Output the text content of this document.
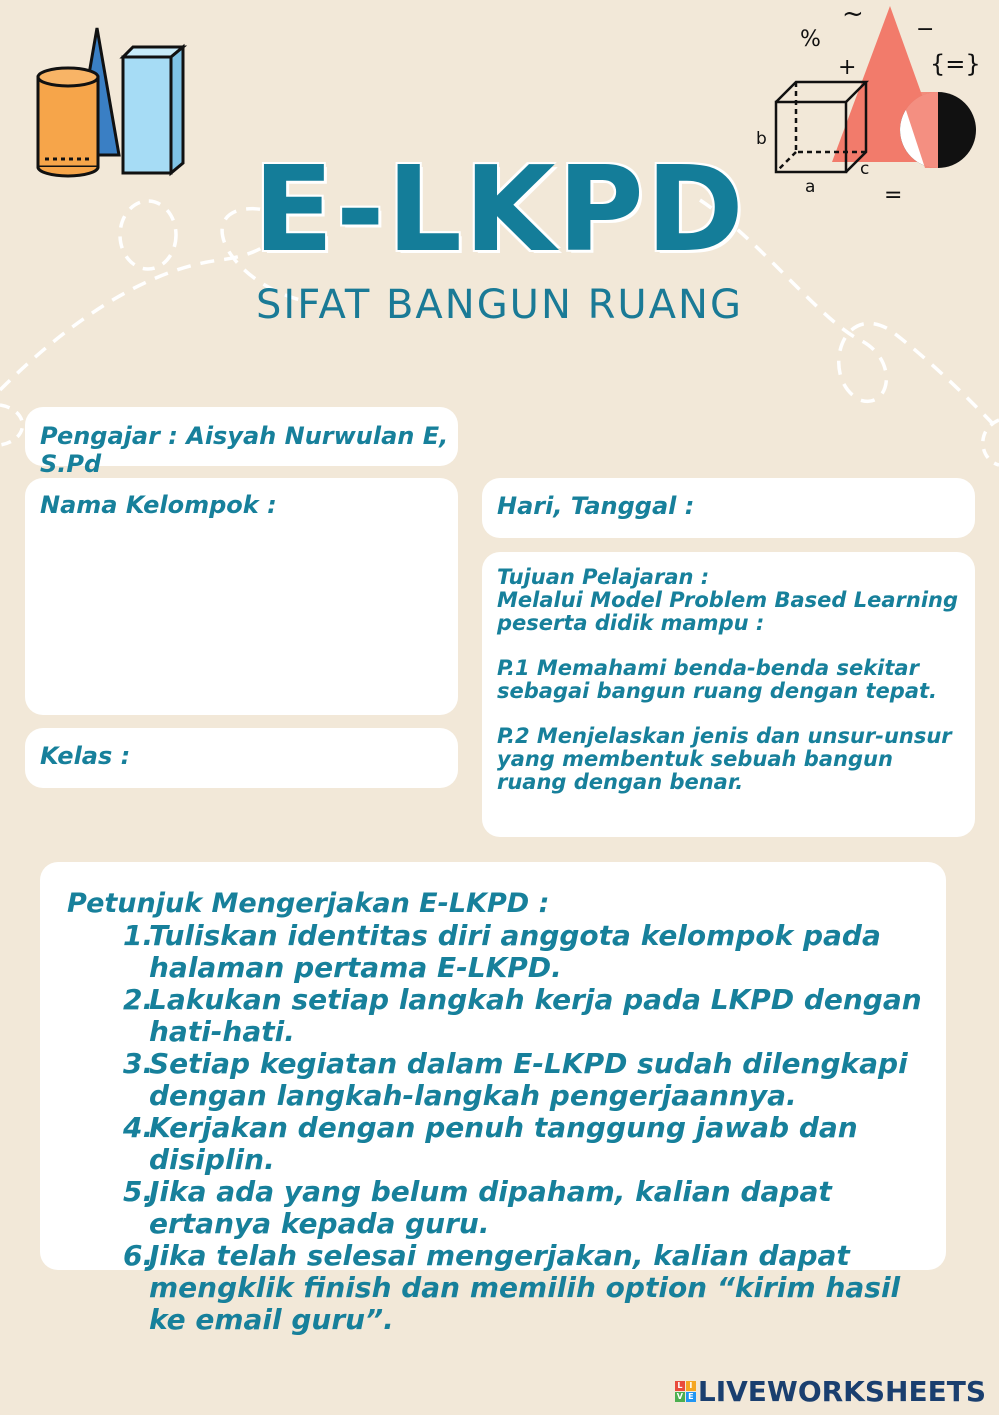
%
~
−
+	{=}
=
a
b
c
E-LKPD
SIFAT BANGUN RUANG
Pengajar : Aisyah Nurwulan E, S.Pd
Nama Kelompok :
Kelas :
Hari, Tanggal :
Tujuan Pelajaran :
Melalui Model Problem Based Learning peserta didik mampu :
P.1 Memahami benda-benda sekitar sebagai bangun ruang dengan tepat.
P.2 Menjelaskan jenis dan unsur-unsur yang membentuk sebuah bangun ruang dengan benar.
Petunjuk Mengerjakan E-LKPD :
1.
Tuliskan identitas diri anggota kelompok pada halaman pertama E-LKPD.
2.
Lakukan setiap langkah kerja pada LKPD dengan hati-hati.
3.
Setiap kegiatan dalam E-LKPD sudah dilengkapi dengan langkah-langkah pengerjaannya.
4.
Kerjakan dengan penuh tanggung jawab dan disiplin.
5.
Jika ada yang belum dipaham, kalian dapat ertanya kepada guru.
6.
Jika telah selesai mengerjakan, kalian dapat mengklik finish dan memilih option “kirim hasil ke email guru”.
L I
V E LIVEWORKSHEETS
